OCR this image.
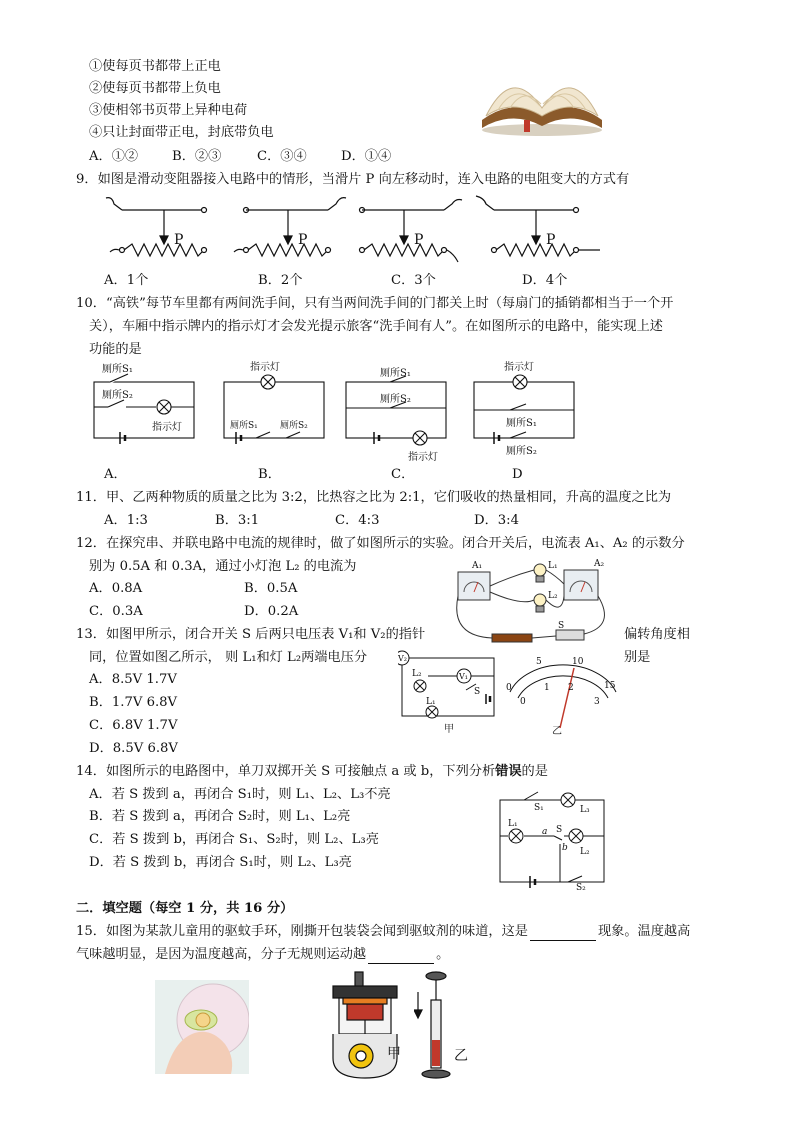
①使每页书都带上正电
②使每页书都带上负电
③使相邻书页带上异种电荷
④只让封面带正电，封底带负电
A．①②	B．②③	C．③④	D．①④
9．如图是滑动变阻器接入电路中的情形，当滑片 P 向左移动时，连入电路的电阻变大的方式有
P	P	P	P
A．1个	B．2个	C．3个	D．4个
10．“高铁”每节车里都有两间洗手间，只有当两间洗手间的门都关上时（每扇门的插销都相当于一个开
关），车厢中指示牌内的指示灯才会发光提示旅客“洗手间有人”。在如图所示的电路中，能实现上述
功能的是
厕所S₁
厕所S₂
指示灯
指示灯
厕所S₁ 厕所S₂
厕所S₁
厕所S₂
指示灯
指示灯
厕所S₁
厕所S₂
A．	B．	C．	D
11．甲、乙两种物质的质量之比为 3:2，比热容之比为 2:1，它们吸收的热量相同，升高的温度之比为
A．1:3	B．3:1	C．4:3	D．3:4
12．在探究串、并联电路中电流的规律时，做了如图所示的实验。闭合开关后，电流表 A₁、A₂ 的示数分
别为 0.5A 和 0.3A，通过小灯泡 L₂ 的电流为
A．0.8A	B．0.5A
C．0.3A	D．0.2A
A₁	A₂
L₁
L₂
S
13．如图甲所示，闭合开关 S 后两只电压表 V₁和 V₂的指针	偏转角度相
同，位置如图乙所示， 则 L₁和灯 L₂两端电压分	别是
A．8.5V 1.7V
B．1.7V 6.8V
C．6.8V 1.7V
D．8.5V 6.8V
V₂
V₁
L₂
L₁
S
甲	乙
0
5	10
15
0
1 2
3
14．如图所示的电路图中，单刀双掷开关 S 可接触点 a 或 b，下列分析错误的是
A．若 S 拨到 a，再闭合 S₁时，则 L₁、L₂、L₃不亮
B．若 S 拨到 a，再闭合 S₂时，则 L₁、L₂亮
C．若 S 拨到 b，再闭合 S₁、S₂时，则 L₂、L₃亮
D．若 S 拨到 b，再闭合 S₁时，则 L₂、L₃亮
S₁	L₃
L₁
L₂
S
a
b
S₂
二．填空题（每空 1 分，共 16 分）
15．如图为某款儿童用的驱蚊手环，刚撕开包装袋会闻到驱蚊剂的味道，这是	现象。温度越高
气味越明显，是因为温度越高，分子无规则运动越	。
甲	乙
